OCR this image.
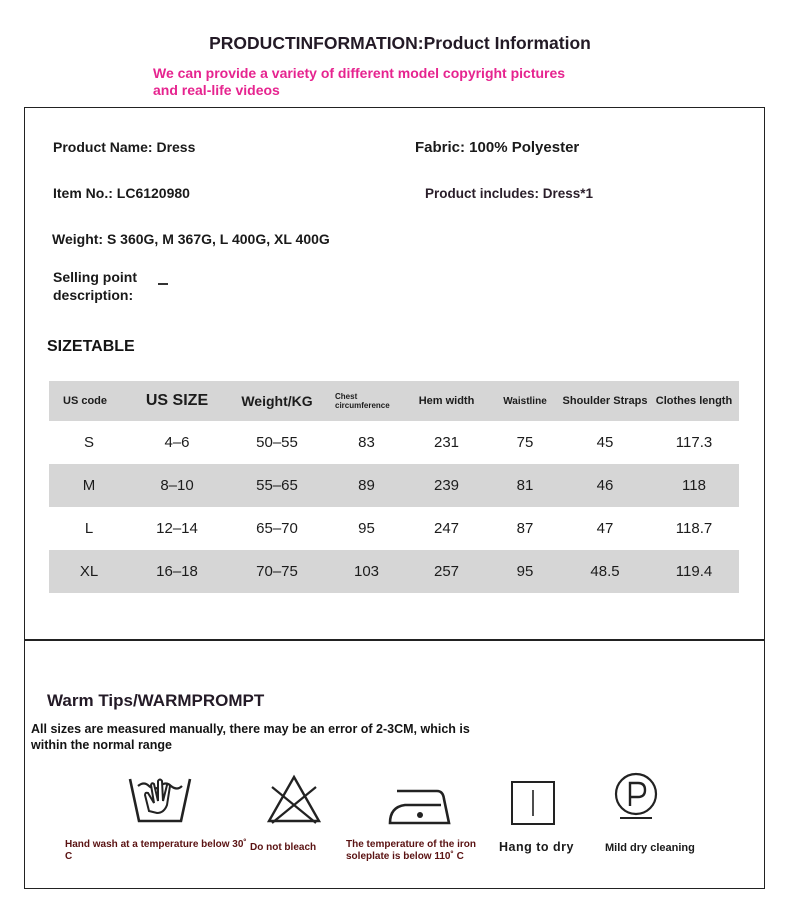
PRODUCTINFORMATION:Product Information
We can provide a variety of different model copyright pictures and real-life videos
Product Name: Dress	Fabric: 100% Polyester
Item No.: LC6120980	Product includes: Dress*1
Weight: S 360G, M 367G, L 400G, XL 400G
Selling point description:
SIZETABLE
US code	US SIZE	Weight/KG	Chest circumference	Hem width	Waistline	Shoulder Straps	Clothes length
S	4–6	50–55	83	231	75	45	117.3
M	8–10	55–65	89	239	81	46	118
L	12–14	65–70	95	247	87	47	118.7
XL	16–18	70–75	103	257	95	48.5	119.4
Warm Tips/WARMPROMPT
All sizes are measured manually, there may be an error of 2-3CM, which is within the normal range
Hand wash at a temperature below 30˚ C
Do not bleach	The temperature of the iron soleplate is below 110˚ C
Hang to dry	Mild dry cleaning
